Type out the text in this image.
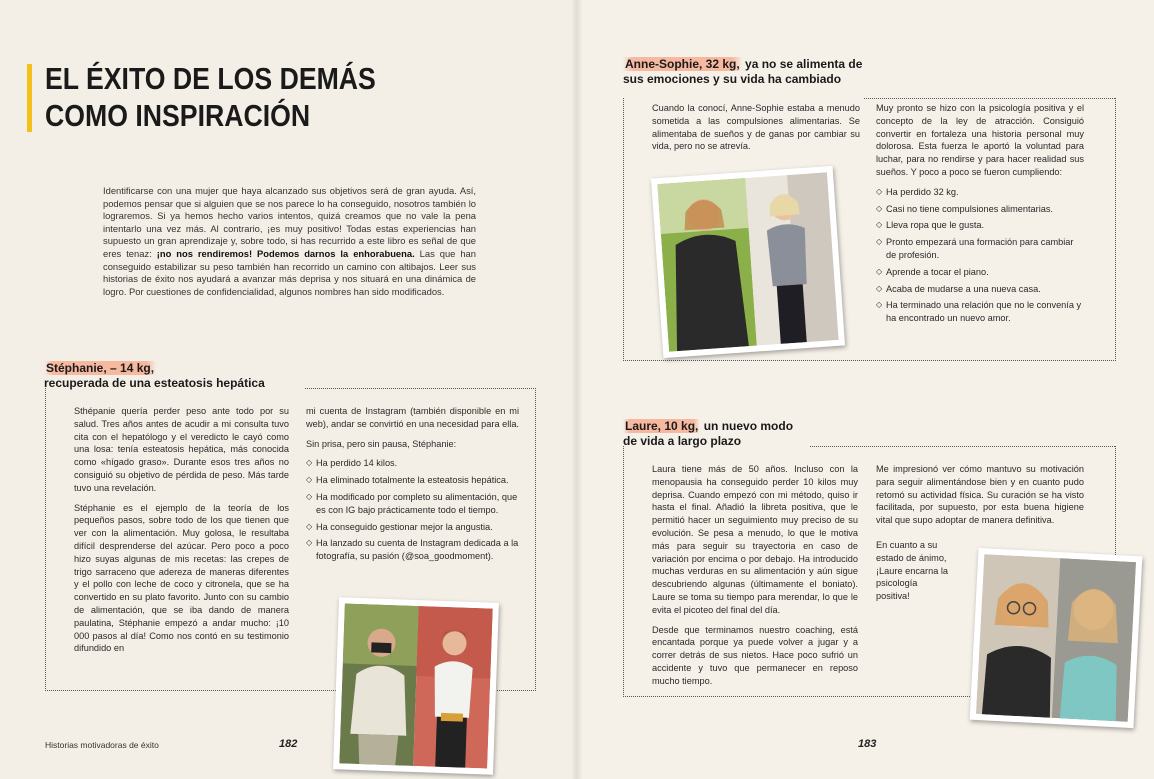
EL ÉXITO DE LOS DEMÁS
COMO INSPIRACIÓN
Identificarse con una mujer que haya alcanzado sus objetivos será de gran ayuda. Así, podemos pensar que si alguien que se nos parece lo ha conseguido, nosotros también lo lograremos. Si ya hemos hecho varios intentos, quizá creamos que no vale la pena intentarlo una vez más. Al contrario, ¡es muy positivo! Todas estas experiencias han supuesto un gran aprendizaje y, sobre todo, si has recurrido a este libro es señal de que eres tenaz: ¡no nos rendiremos! Podemos darnos la enhorabuena. Las que han conseguido estabilizar su peso también han recorrido un camino con altibajos. Leer sus historias de éxito nos ayudará a avanzar más deprisa y nos situará en una dinámica de logro. Por cuestiones de confidencialidad, algunos nombres han sido modificados.
Stéphanie, – 14 kg,
recuperada de una esteatosis hepática

Sthépanie quería perder peso ante todo por su salud. Tres años antes de acudir a mi consulta tuvo cita con el hepatólogo y el veredicto le cayó como una losa: tenía esteatosis hepática, más conocida como «hígado graso». Durante esos tres años no consiguió su objetivo de pérdida de peso. Más tarde tuvo una revelación.

Stéphanie es el ejemplo de la teoría de los pequeños pasos, sobre todo de los que tienen que ver con la alimentación. Muy golosa, le resultaba difícil desprenderse del azúcar. Pero poco a poco hizo suyas algunas de mis recetas: las crepes de trigo sarraceno que adereza de maneras diferentes y el pollo con leche de coco y citronela, que se ha convertido en su plato favorito. Junto con su cambio de alimentación, que se iba dando de manera paulatina, Stéphanie empezó a andar mucho: ¡10 000 pasos al día! Como nos contó en su testimonio difundido en

mi cuenta de Instagram (también disponible en mi web), andar se convirtió en una necesidad para ella.

Sin prisa, pero sin pausa, Stéphanie:

◇ Ha perdido 14 kilos.
◇ Ha eliminado totalmente la esteatosis hepática.
◇ Ha modificado por completo su alimentación, que es con IG bajo prácticamente todo el tiempo.
◇ Ha conseguido gestionar mejor la angustia.
◇ Ha lanzado su cuenta de Instagram dedicada a la fotografía, su pasión (@soa_goodmoment).
Historias motivadoras de éxito	182
Anne-Sophie, 32 kg, ya no se alimenta de
sus emociones y su vida ha cambiado

Cuando la conocí, Anne-Sophie estaba a menudo sometida a las compulsiones alimentarias. Se alimentaba de sueños y de ganas por cambiar su vida, pero no se atrevía.

Muy pronto se hizo con la psicología positiva y el concepto de la ley de atracción. Consiguió convertir en fortaleza una historia personal muy dolorosa. Esta fuerza le aportó la voluntad para luchar, para no rendirse y para hacer realidad sus sueños. Y poco a poco se fueron cumpliendo:

◇ Ha perdido 32 kg.
◇ Casi no tiene compulsiones alimentarias.
◇ Lleva ropa que le gusta.
◇ Pronto empezará una formación para cambiar de profesión.
◇ Aprende a tocar el piano.
◇ Acaba de mudarse a una nueva casa.
◇ Ha terminado una relación que no le convenía y ha encontrado un nuevo amor.
Laure, 10 kg, un nuevo modo
de vida a largo plazo

Laura tiene más de 50 años. Incluso con la menopausia ha conseguido perder 10 kilos muy deprisa. Cuando empezó con mi método, quiso ir hasta el final. Añadió la libreta positiva, que le permitió hacer un seguimiento muy preciso de su evolución. Se pesa a menudo, lo que le motiva más para seguir su trayectoria en caso de variación por encima o por debajo. Ha introducido muchas verduras en su alimentación y aún sigue descubriendo algunas (últimamente el boniato). Laure se toma su tiempo para merendar, lo que le evita el picoteo del final del día.

Desde que terminamos nuestro coaching, está encantada porque ya puede volver a jugar y a correr detrás de sus nietos. Hace poco sufrió un accidente y tuvo que permanecer en reposo mucho tiempo.

Me impresionó ver cómo mantuvo su motivación para seguir alimentándose bien y en cuanto pudo retomó su actividad física. Su curación se ha visto facilitada, por supuesto, por esta buena higiene vital que supo adoptar de manera definitiva.

En cuanto a su estado de ánimo, ¡Laure encarna la psicología positiva!

183
